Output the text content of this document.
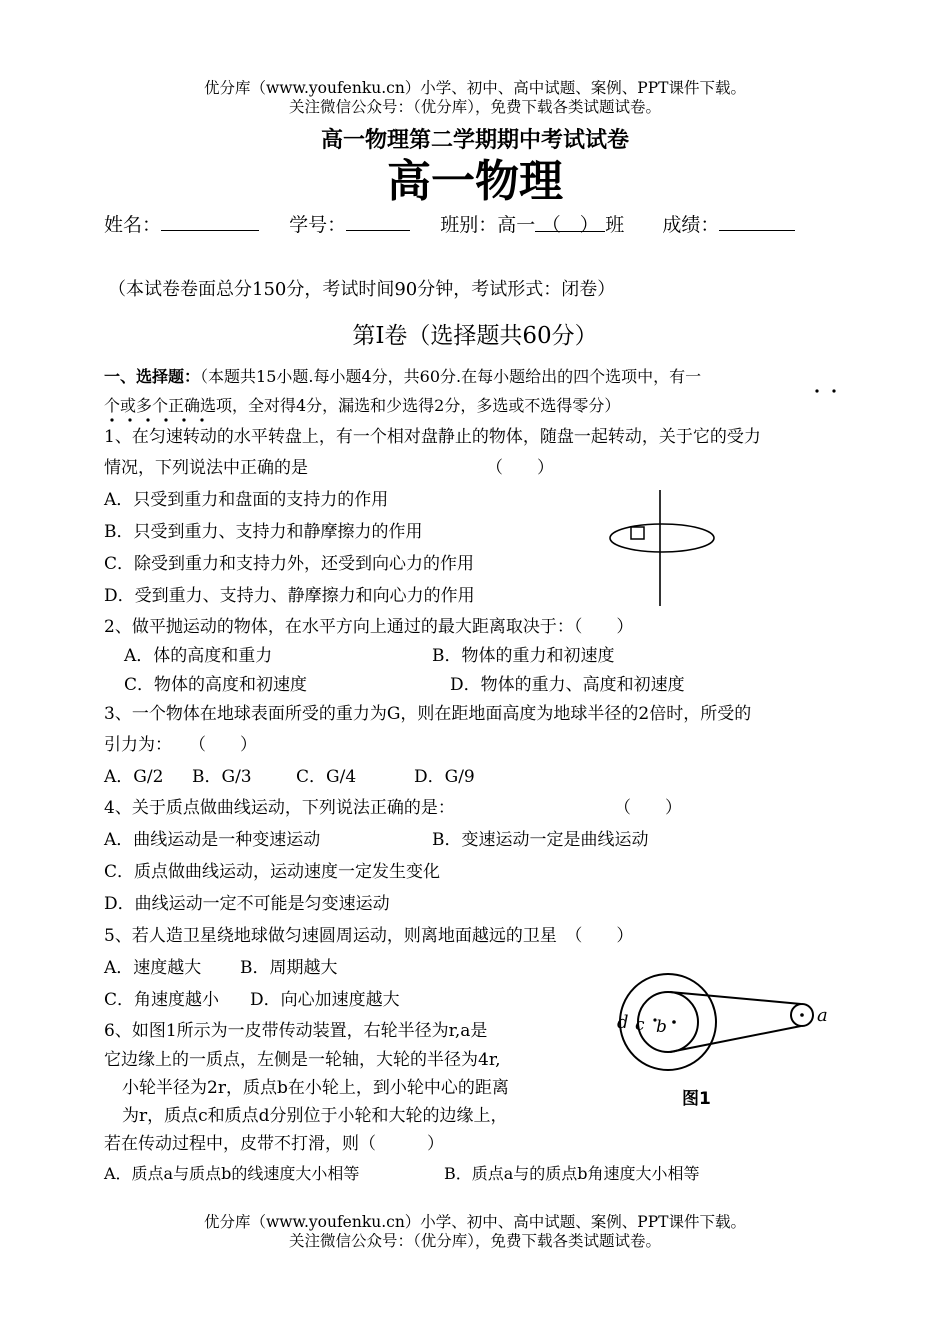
优分库（www.youfenku.cn）小学、初中、高中试题、案例、PPT课件下载。
关注微信公众号：（优分库），免费下载各类试题试卷。
高一物理第二学期期中考试试卷
高一物理
姓名：	学号：	班别：高一 （　 ） 班 成绩：
（本试卷卷面总分150分，考试时间90分钟，考试形式：闭卷）
第Ⅰ卷（选择题共60分）
一、选择题：（本题共15小题.每小题4分，共60分.在每小题给出的四个选项中，有一
个或多个正确选项，全对得4分，漏选和少选得2分，多选或不选得零分）
1、在匀速转动的水平转盘上，有一个相对盘静止的物体，随盘一起转动，关于它的受力
情况，下列说法中正确的是	（　　）
A．只受到重力和盘面的支持力的作用
B．只受到重力、支持力和静摩擦力的作用
C．除受到重力和支持力外，还受到向心力的作用
D．受到重力、支持力、静摩擦力和向心力的作用
2、做平抛运动的物体，在水平方向上通过的最大距离取决于：（　　）
A．体的高度和重力	B．物体的重力和初速度
C．物体的高度和初速度	D．物体的重力、高度和初速度
3、一个物体在地球表面所受的重力为G，则在距地面高度为地球半径的2倍时，所受的
引力为：　　（　　）
A．G/2 B．G/3	C．G/4	D．G/9
4、关于质点做曲线运动，下列说法正确的是：	（　　）
A．曲线运动是一种变速运动	B．变速运动一定是曲线运动
C．质点做曲线运动，运动速度一定发生变化
D．曲线运动一定不可能是匀变速运动
5、若人造卫星绕地球做匀速圆周运动，则离地面越远的卫星　（　　）
A．速度越大 B．周期越大
C．角速度越小 D．向心加速度越大
6、如图1所示为一皮带传动装置，右轮半径为r,a是
它边缘上的一质点，左侧是一轮轴，大轮的半径为4r,
小轮半径为2r，质点b在小轮上，到小轮中心的距离
为r，质点c和质点d分别位于小轮和大轮的边缘上，
若在传动过程中，皮带不打滑，则（　　　）
A．质点a与质点b的线速度大小相等	B．质点a与的质点b角速度大小相等
d c b
a
图1
优分库（www.youfenku.cn）小学、初中、高中试题、案例、PPT课件下载。
关注微信公众号：（优分库），免费下载各类试题试卷。
